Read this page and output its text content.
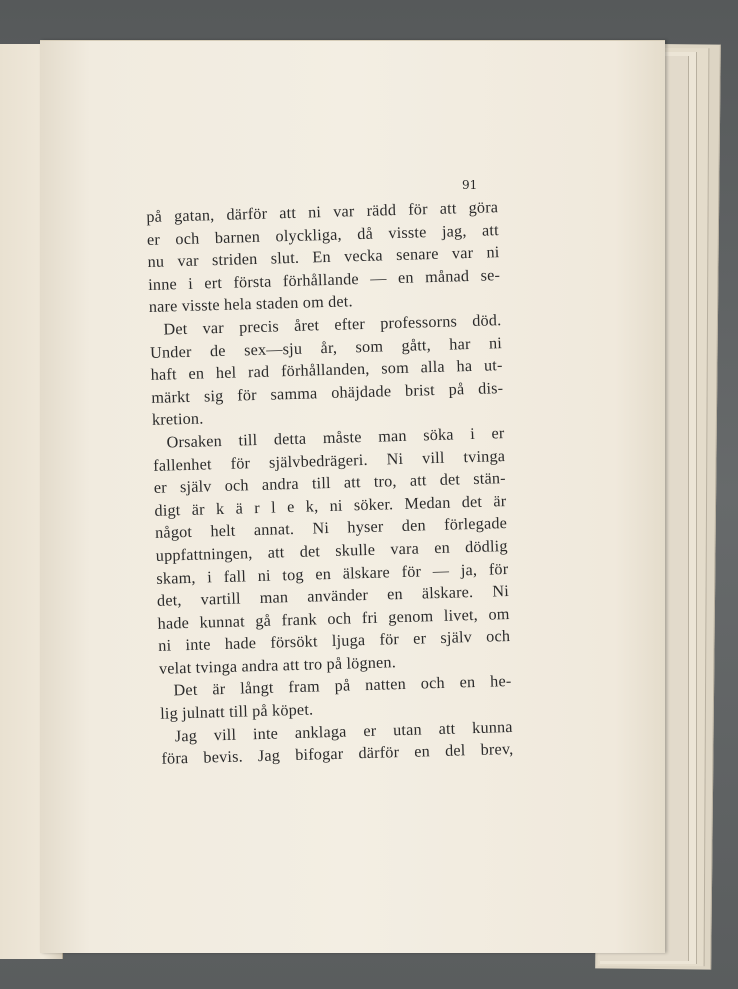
91
på gatan, därför att ni var rädd för att göra
er och barnen olyckliga, då visste jag, att
nu var striden slut. En vecka senare var ni
inne i ert första förhållande — en månad se-
nare visste hela staden om det.
Det var precis året efter professorns död.
Under de sex—sju år, som gått, har ni
haft en hel rad förhållanden, som alla ha ut-
märkt sig för samma ohäjdade brist på dis-
kretion.
Orsaken till detta måste man söka i er
fallenhet för självbedrägeri. Ni vill tvinga
er själv och andra till att tro, att det stän-
digt är k ä r l e k, ni söker. Medan det är
något helt annat. Ni hyser den förlegade
uppfattningen, att det skulle vara en dödlig
skam, i fall ni tog en älskare för — ja, för
det, vartill man använder en älskare. Ni
hade kunnat gå frank och fri genom livet, om
ni inte hade försökt ljuga för er själv och
velat tvinga andra att tro på lögnen.
Det är långt fram på natten och en he-
lig julnatt till på köpet.
Jag vill inte anklaga er utan att kunna
föra bevis. Jag bifogar därför en del brev,
